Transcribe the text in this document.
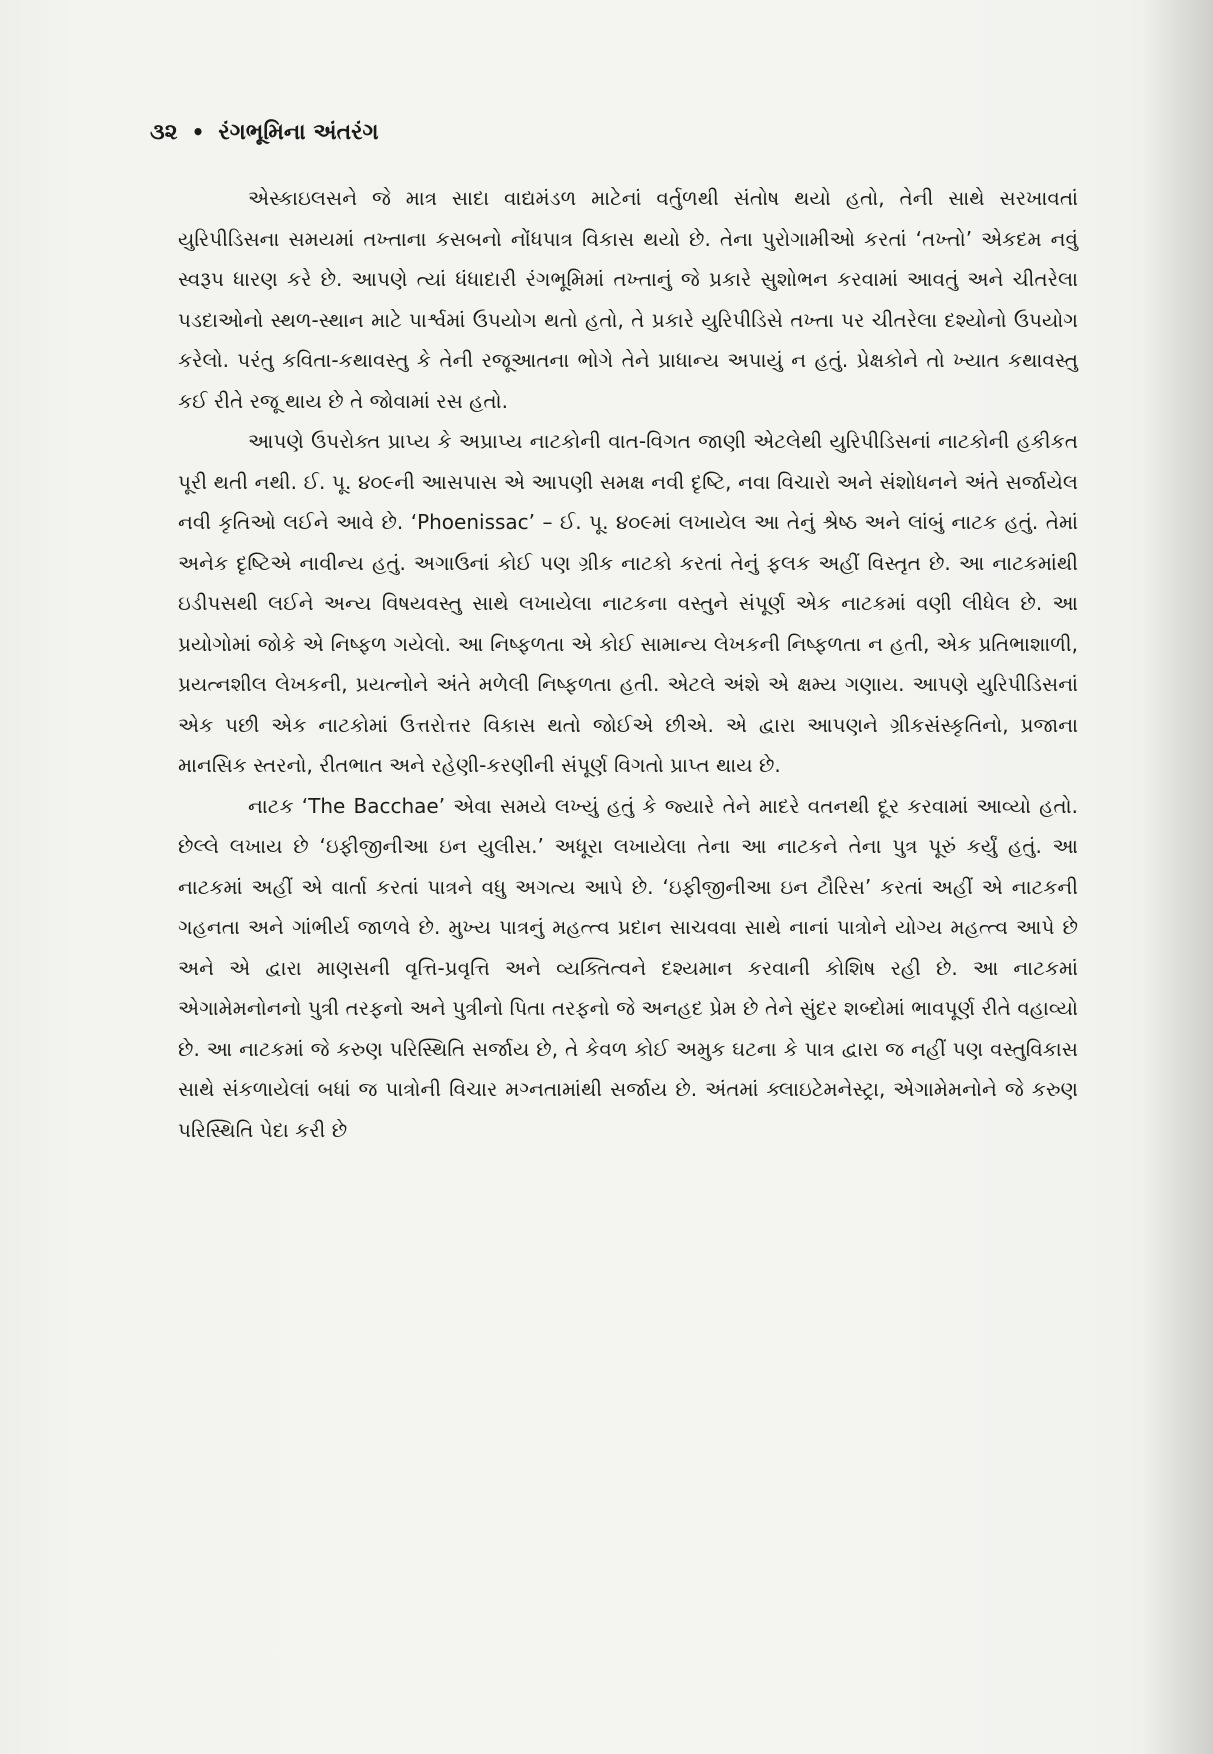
૩૨ • રંગભૂમિના અંતરંગ

એસ્કાઇલસને જે માત્ર સાદા વાદ્યમંડળ માટેનાં વર્તુળથી સંતોષ થયો હતો, તેની સાથે સરખાવતાં યુરિપીડિસના સમયમાં તખ્તાના કસબનો નોંધપાત્ર વિકાસ થયો છે. તેના પુરોગામીઓ કરતાં ‘તખ્તો’ એકદમ નવું સ્વરૂપ ધારણ કરે છે. આપણે ત્યાં ધંધાદારી રંગભૂમિમાં તખ્તાનું જે પ્રકારે સુશોભન કરવામાં આવતું અને ચીતરેલા પડદાઓનો સ્થળ-સ્થાન માટે પાર્શ્વમાં ઉપયોગ થતો હતો, તે પ્રકારે યુરિપીડિસે તખ્તા પર ચીતરેલા દશ્યોનો ઉપયોગ કરેલો. પરંતુ કવિતા-કથાવસ્તુ કે તેની રજૂઆતના ભોગે તેને પ્રાધાન્ય અપાયું ન હતું. પ્રેક્ષકોને તો ખ્યાત કથાવસ્તુ કઈ રીતે રજૂ થાય છે તે જોવામાં રસ હતો.

આપણે ઉપરોક્ત પ્રાપ્ય કે અપ્રાપ્ય નાટકોની વાત-વિગત જાણી એટલેથી યુરિપીડિસનાં નાટકોની હકીકત પૂરી થતી નથી. ઈ. પૂ. ૪૦૯ની આસપાસ એ આપણી સમક્ષ નવી દૃષ્ટિ, નવા વિચારો અને સંશોધનને અંતે સર્જાયેલ નવી કૃતિઓ લઈને આવે છે. ‘Phoenissac’ – ઈ. પૂ. ૪૦૯માં લખાયેલ આ તેનું શ્રેષ્ઠ અને લાંબું નાટક હતું. તેમાં અનેક દૃષ્ટિએ નાવીન્ય હતું. અગાઉનાં કોઈ પણ ગ્રીક નાટકો કરતાં તેનું ફલક અહીં વિસ્તૃત છે. આ નાટકમાંથી ઇડીપસથી લઈને અન્ય વિષયવસ્તુ સાથે લખાયેલા નાટકના વસ્તુને સંપૂર્ણ એક નાટકમાં વણી લીધેલ છે. આ પ્રયોગોમાં જોકે એ નિષ્ફળ ગયેલો. આ નિષ્ફળતા એ કોઈ સામાન્ય લેખકની નિષ્ફળતા ન હતી, એક પ્રતિભાશાળી, પ્રયત્નશીલ લેખકની, પ્રયત્નોને અંતે મળેલી નિષ્ફળતા હતી. એટલે અંશે એ ક્ષમ્ય ગણાય. આપણે યુરિપીડિસનાં એક પછી એક નાટકોમાં ઉત્તરોત્તર વિકાસ થતો જોઈએ છીએ. એ દ્વારા આપણને ગ્રીકસંસ્કૃતિનો, પ્રજાના માનસિક સ્તરનો, રીતભાત અને રહેણી-કરણીની સંપૂર્ણ વિગતો પ્રાપ્ત થાય છે.

નાટક ‘The Bacchae’ એવા સમયે લખ્યું હતું કે જ્યારે તેને માદરે વતનથી દૂર કરવામાં આવ્યો હતો. છેલ્લે લખાય છે ‘ઇફીજીનીઆ ઇન યુલીસ.’ અધૂરા લખાયેલા તેના આ નાટકને તેના પુત્ર પૂરું કર્યું હતું. આ નાટકમાં અહીં એ વાર્તા કરતાં પાત્રને વધુ અગત્ય આપે છે. ‘ઇફીજીનીઆ ઇન ટૌરિસ’ કરતાં અહીં એ નાટકની ગહનતા અને ગાંભીર્ય જાળવે છે. મુખ્ય પાત્રનું મહત્ત્વ પ્રદાન સાચવવા સાથે નાનાં પાત્રોને યોગ્ય મહત્ત્વ આપે છે અને એ દ્વારા માણસની વૃત્તિ-પ્રવૃત્તિ અને વ્યક્તિત્વને દશ્યમાન કરવાની કોશિષ રહી છે. આ નાટકમાં એગામેમનોનનો પુત્રી તરફનો અને પુત્રીનો પિતા તરફનો જે અનહદ પ્રેમ છે તેને સુંદર શબ્દોમાં ભાવપૂર્ણ રીતે વહાવ્યો છે. આ નાટકમાં જે કરુણ પરિસ્થિતિ સર્જાય છે, તે કેવળ કોઈ અમુક ઘટના કે પાત્ર દ્વારા જ નહીં પણ વસ્તુવિકાસ સાથે સંકળાયેલાં બધાં જ પાત્રોની વિચાર મગ્નતામાંથી સર્જાય છે. અંતમાં ક્લાઇટેમનેસ્ટ્રા, એગામેમનોને જે કરુણ પરિસ્થિતિ પેદા કરી છે
